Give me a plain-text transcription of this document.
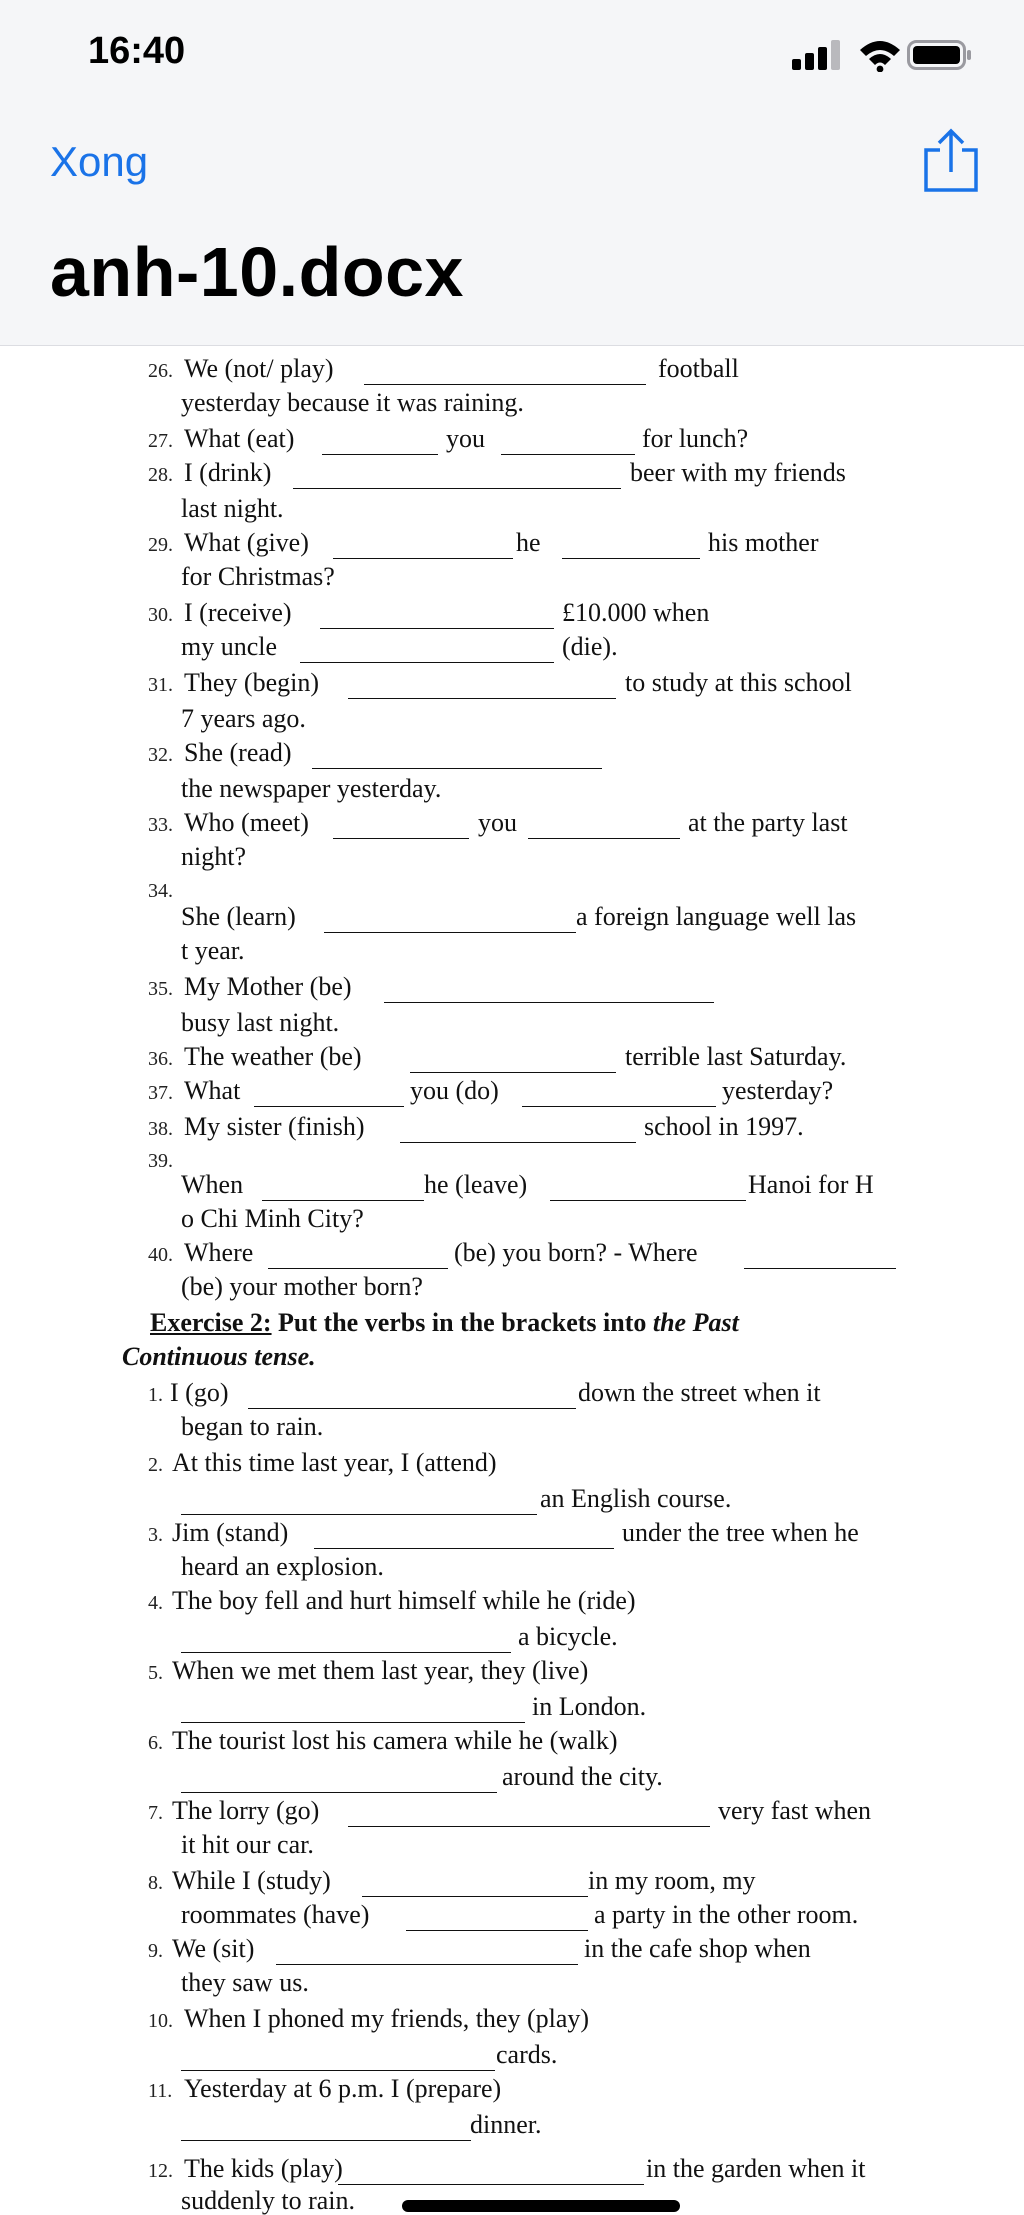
16:40
Xong
anh-10.docx
26. We (not/ play)	football
yesterday because it was raining.
27. What (eat)	you	for lunch?
28. I (drink)	beer with my friends
last night.
29. What (give)	he	his mother
for Christmas?
30. I (receive)	£10.000 when
my uncle	(die).
31. They (begin)	to study at this school
7 years ago.
32. She (read)
the newspaper yesterday.
33. Who (meet)	you	at the party last
night?
34.
She (learn)	a foreign language well las
t year.
35. My Mother (be)
busy last night.
36. The weather (be)	terrible last Saturday.
37. What	you (do)	yesterday?
38. My sister (finish)	school in 1997.
39.
When	he (leave)	Hanoi for H
o Chi Minh City?
40. Where	(be) you born? - Where
(be) your mother born?
Exercise 2: Put the verbs in the brackets into the Past
Continuous tense.
1. I (go)	down the street when it
began to rain.
2. At this time last year, I (attend)
an English course.
3. Jim (stand)	under the tree when he
heard an explosion.
4. The boy fell and hurt himself while he (ride)
a bicycle.
5. When we met them last year, they (live)
in London.
6. The tourist lost his camera while he (walk)
around the city.
7. The lorry (go)	very fast when
it hit our car.
8. While I (study)	in my room, my
roommates (have)	a party in the other room.
9. We (sit)	in the cafe shop when
they saw us.
10. When I phoned my friends, they (play)
cards.
11. Yesterday at 6 p.m. I (prepare)
dinner.
12. The kids (play)	in the garden when it
suddenly to rain.
